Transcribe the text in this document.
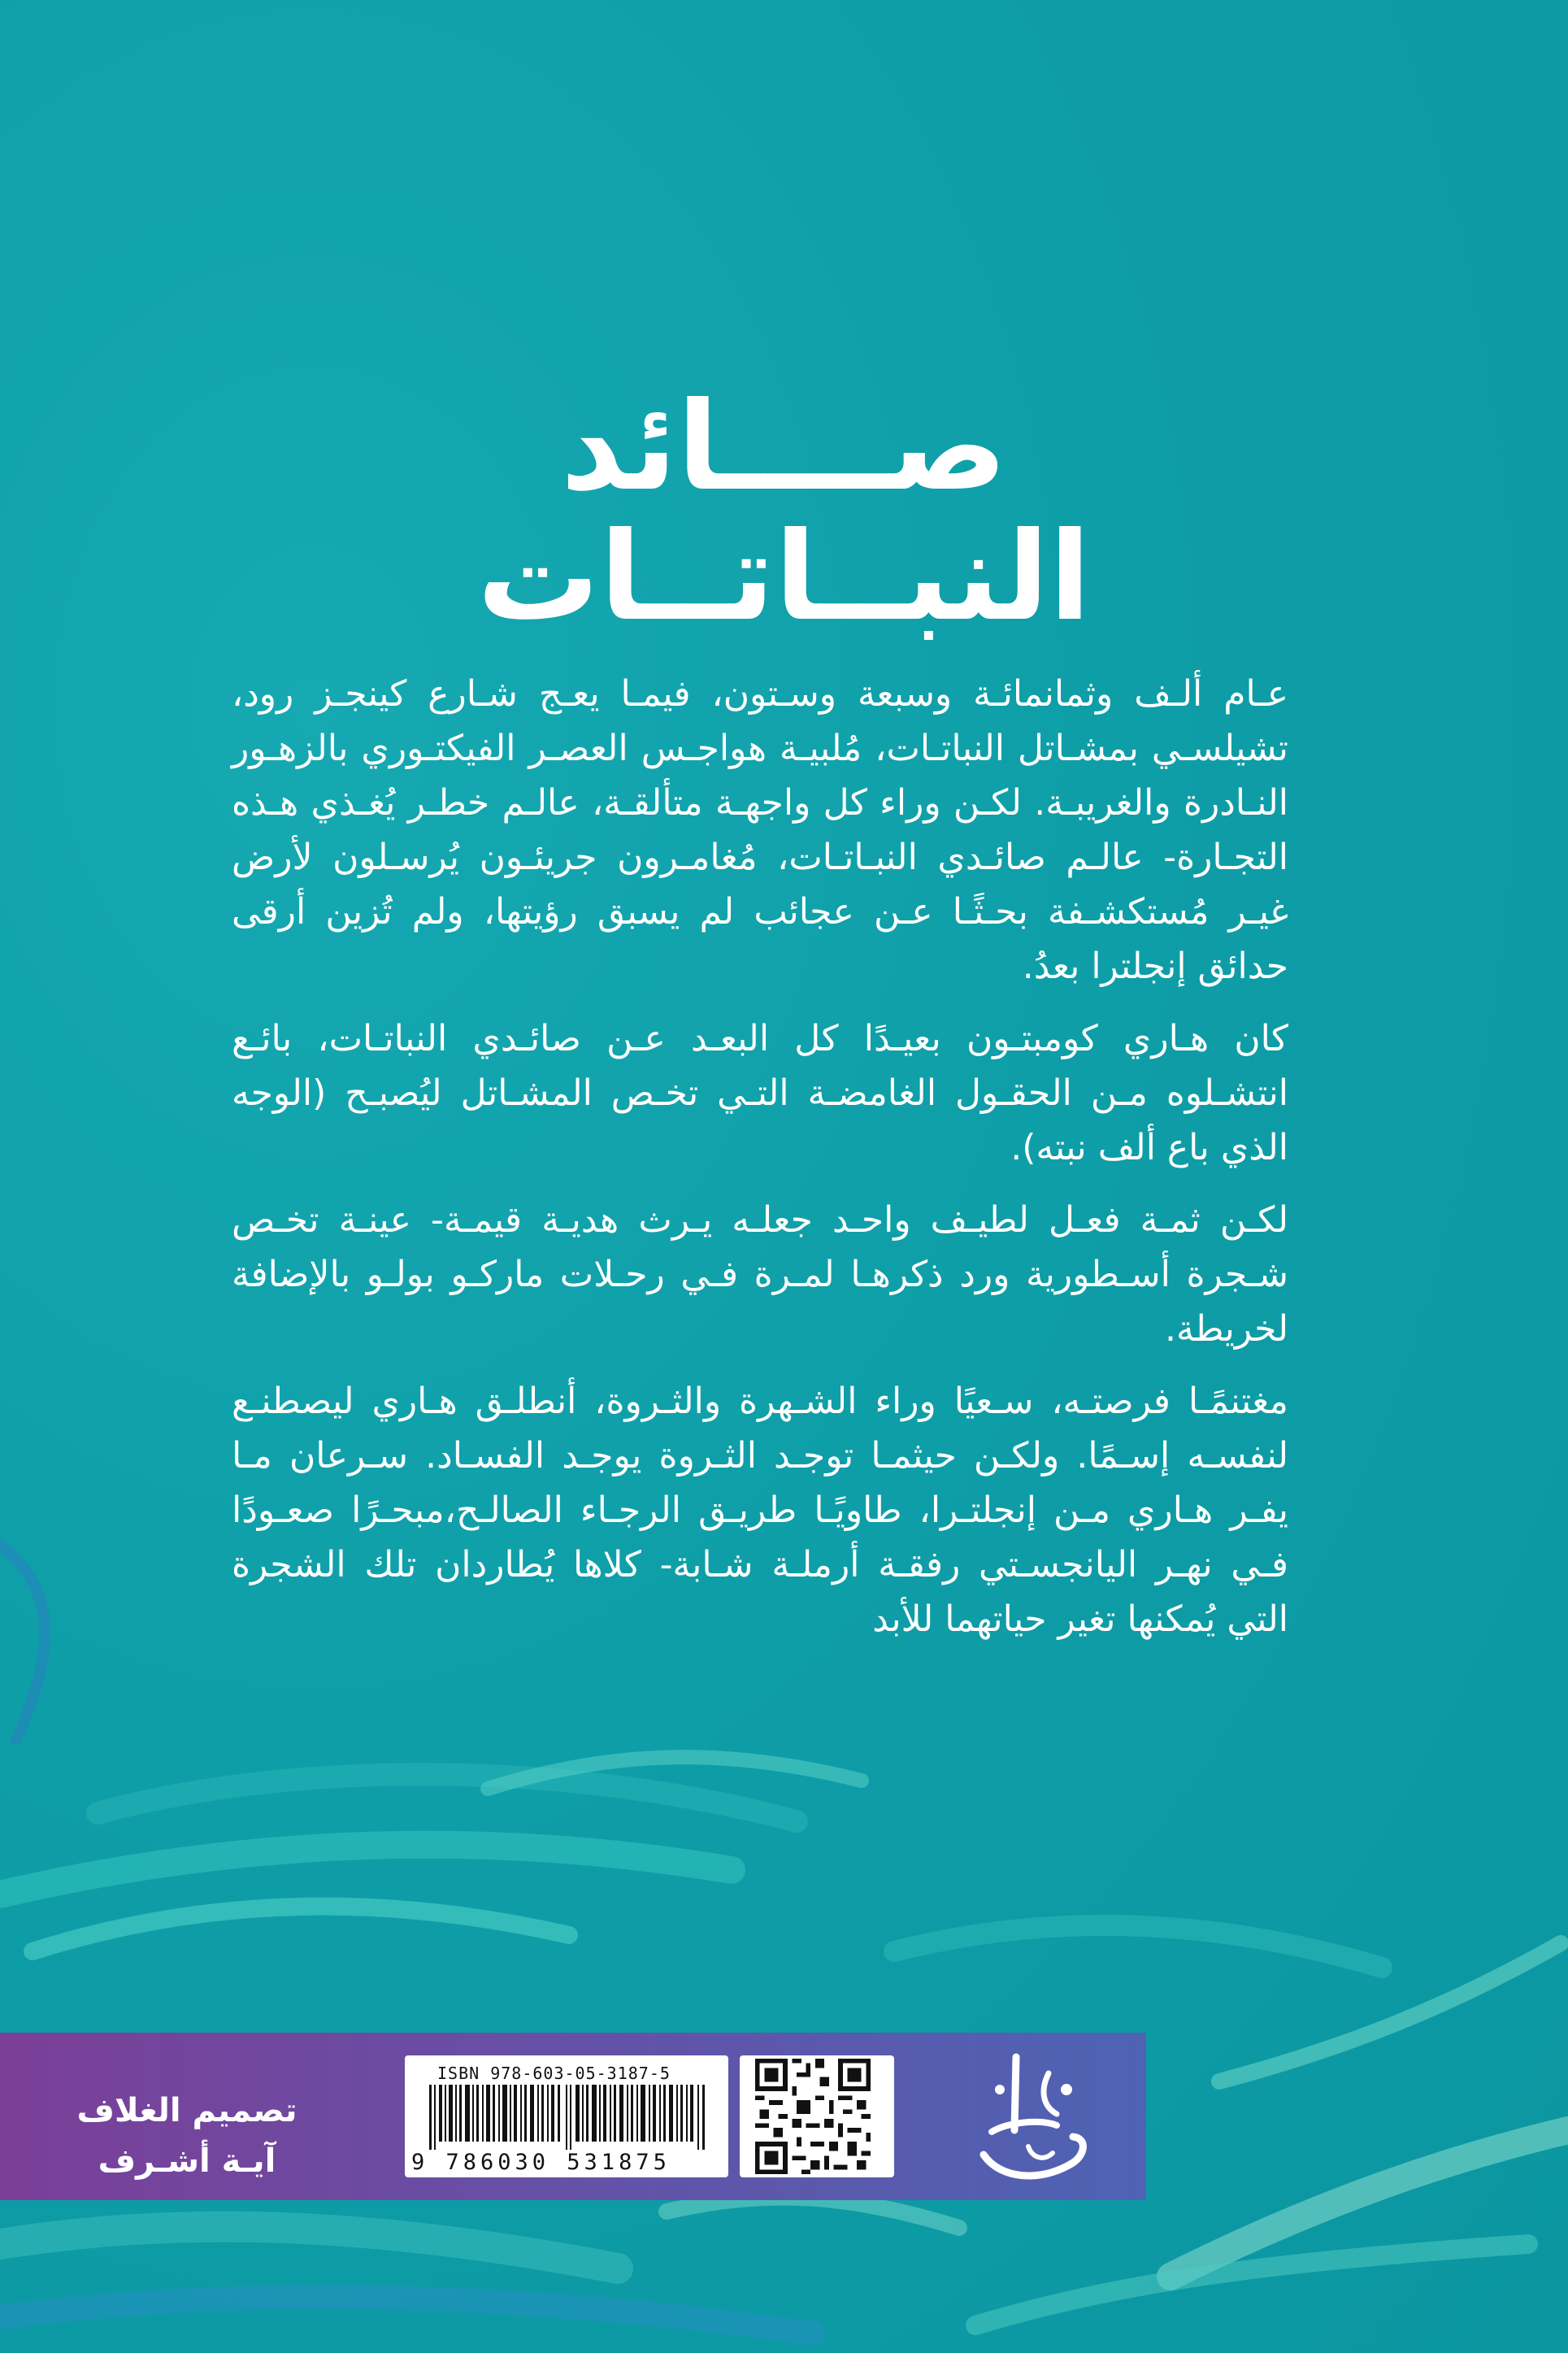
صــــائد
النبــاتــات

عـام ألـف وثمانمائـة وسبعة وسـتون، فيمـا يعـج شـارع كينجـز رود، تشيلسـي بمشـاتل النباتـات، مُلبيـة هواجـس العصـر الفيكتـوري بالزهـور النـادرة والغريبـة. لكـن وراء كل واجهـة متألقـة، عالـم خطـر يُغـذي هـذه التجـارة- عالـم صائـدي النبـاتـات، مُغامـرون جريئـون يُرسـلون لأرض غيـر مُستكشـفة بحـثًـا عـن عجائب لم يسبق رؤيتها، ولم تُزين أرقى حدائق إنجلترا بعدُ.

كان هـاري كومبتـون بعيـدًا كل البعـد عـن صائـدي النباتـات، بائـع انتشـلوه مـن الحقـول الغامضـة التـي تخـص المشـاتل ليُصبـح (الوجه الذي باع ألف نبته).

لكـن ثمـة فعـل لطيـف واحـد جعلـه يـرث هديـة قيمـة- عينـة تخـص شـجرة أسـطورية ورد ذكرهـا لمـرة فـي رحـلات ماركـو بولـو بالإضافة لخريطة.

مغتنمًـا فرصتـه، سـعيًا وراء الشـهرة والثـروة، أنطلـق هـاري ليصطنـع لنفسـه إسـمًا. ولكـن حيثمـا توجـد الثـروة يوجـد الفسـاد. سـرعان مـا يفـر هـاري مـن إنجلتـرا، طاويًـا طريـق الرجـاء الصالـح،مبحـرًا صعـودًا فـي نهـر اليانجسـتي رفقـة أرملـة شـابة- كلاها يُطاردان تلك الشجرة التي يُمكنها تغير حياتهما للأبد

تصميم الغلاف
آيـة أشـرف
ISBN 978-603-05-3187-5
9 786030 531875
